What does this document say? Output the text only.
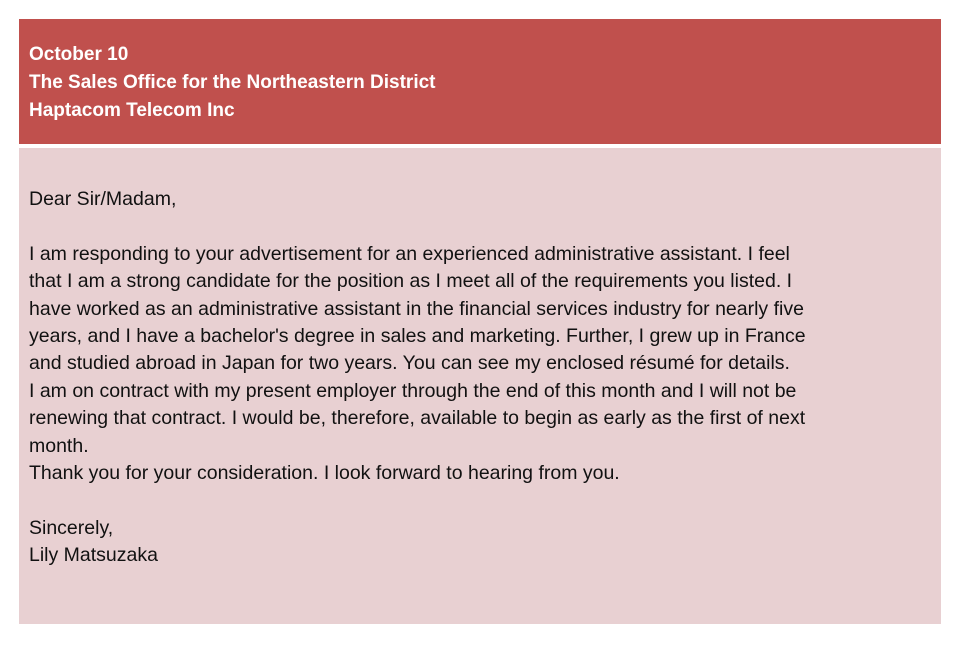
October 10
The Sales Office for the Northeastern District
Haptacom Telecom Inc

Dear Sir/Madam,

I am responding to your advertisement for an experienced administrative assistant. I feel
that I am a strong candidate for the position as I meet all of the requirements you listed. I
have worked as an administrative assistant in the financial services industry for nearly five
years, and I have a bachelor's degree in sales and marketing. Further, I grew up in France
and studied abroad in Japan for two years. You can see my enclosed résumé for details.

I am on contract with my present employer through the end of this month and I will not be
renewing that contract. I would be, therefore, available to begin as early as the first of next
month.

Thank you for your consideration. I look forward to hearing from you.

Sincerely,

Lily Matsuzaka
